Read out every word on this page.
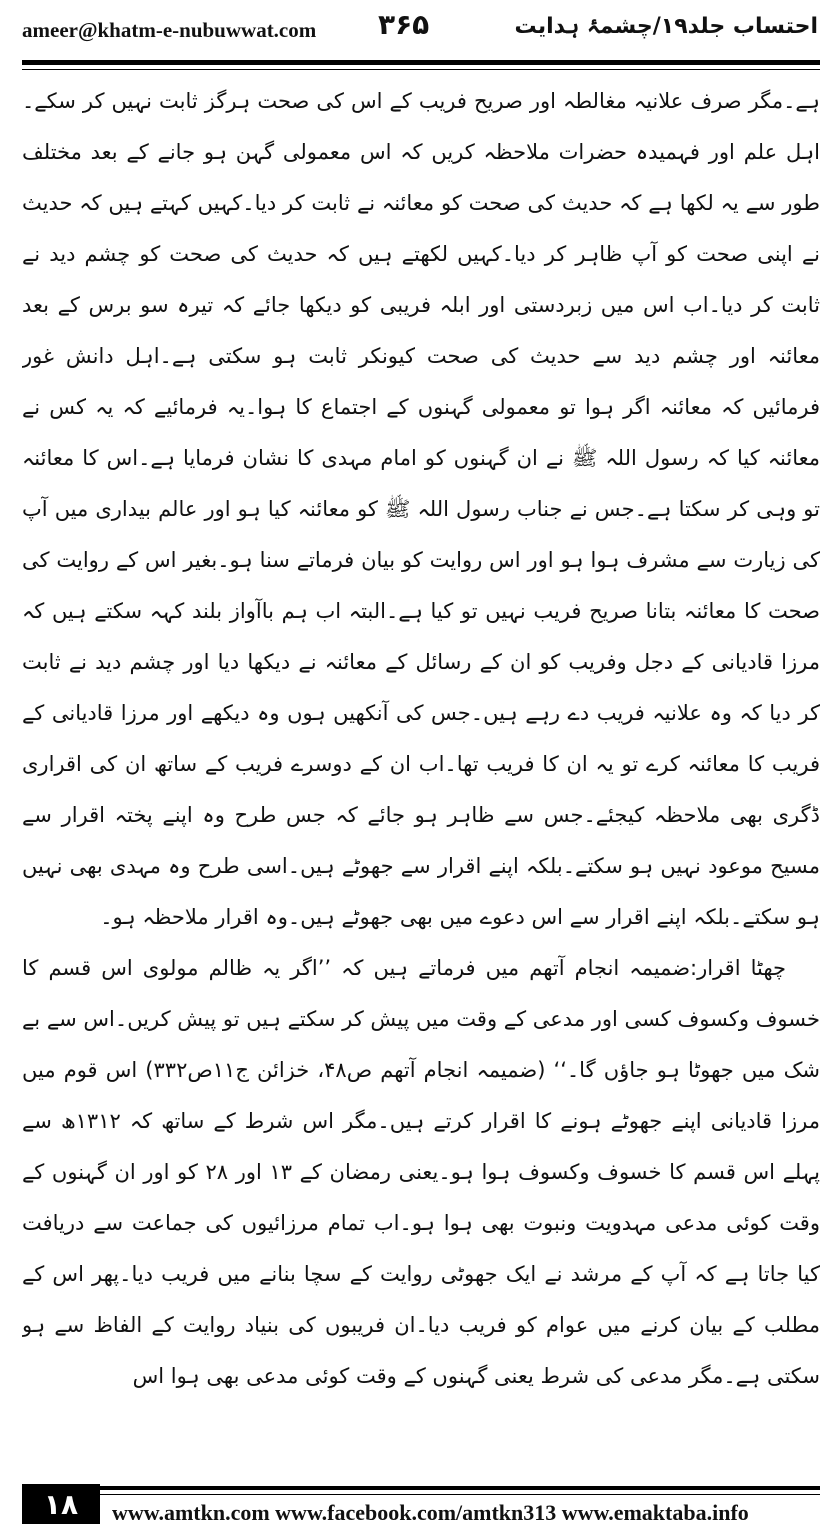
ameer@khatm-e-nubuwwat.com ۳۶۵	احتساب جلد۱۹/چشمۂ ہدایت

ہے۔مگر صرف علانیہ مغالطہ اور صریح فریب کے اس کی صحت ہرگز ثابت نہیں کر سکے۔اہل علم اور فہمیدہ حضرات ملاحظہ کریں کہ اس معمولی گہن ہو جانے کے بعد مختلف طور سے یہ لکھا ہے کہ حدیث کی صحت کو معائنہ نے ثابت کر دیا۔کہیں کہتے ہیں کہ حدیث نے اپنی صحت کو آپ ظاہر کر دیا۔کہیں لکھتے ہیں کہ حدیث کی صحت کو چشم دید نے ثابت کر دیا۔اب اس میں زبردستی اور ابلہ فریبی کو دیکھا جائے کہ تیرہ سو برس کے بعد معائنہ اور چشم دید سے حدیث کی صحت کیونکر ثابت ہو سکتی ہے۔اہل دانش غور فرمائیں کہ معائنہ اگر ہوا تو معمولی گہنوں کے اجتماع کا ہوا۔یہ فرمائیے کہ یہ کس نے معائنہ کیا کہ رسول اللہ ﷺ نے ان گہنوں کو امام مہدی کا نشان فرمایا ہے۔اس کا معائنہ تو وہی کر سکتا ہے۔جس نے جناب رسول اللہ ﷺ کو معائنہ کیا ہو اور عالم بیداری میں آپ کی زیارت سے مشرف ہوا ہو اور اس روایت کو بیان فرماتے سنا ہو۔بغیر اس کے روایت کی صحت کا معائنہ بتانا صریح فریب نہیں تو کیا ہے۔البتہ اب ہم باآواز بلند کہہ سکتے ہیں کہ مرزا قادیانی کے دجل وفریب کو ان کے رسائل کے معائنہ نے دیکھا دیا اور چشم دید نے ثابت کر دیا کہ وہ علانیہ فریب دے رہے ہیں۔جس کی آنکھیں ہوں وہ دیکھے اور مرزا قادیانی کے فریب کا معائنہ کرے تو یہ ان کا فریب تھا۔اب ان کے دوسرے فریب کے ساتھ ان کی اقراری ڈگری بھی ملاحظہ کیجئے۔جس سے ظاہر ہو جائے کہ جس طرح وہ اپنے پختہ اقرار سے مسیح موعود نہیں ہو سکتے۔بلکہ اپنے اقرار سے جھوٹے ہیں۔اسی طرح وہ مہدی بھی نہیں ہو سکتے۔بلکہ اپنے اقرار سے اس دعوے میں بھی جھوٹے ہیں۔وہ اقرار ملاحظہ ہو۔

چھٹا اقرار:ضمیمہ انجام آتھم میں فرماتے ہیں کہ ’’اگر یہ ظالم مولوی اس قسم کا خسوف وکسوف کسی اور مدعی کے وقت میں پیش کر سکتے ہیں تو پیش کریں۔اس سے بے شک میں جھوٹا ہو جاؤں گا۔‘‘ (ضمیمہ انجام آتھم ص۴۸، خزائن ج۱۱ص۳۳۲) اس قوم میں مرزا قادیانی اپنے جھوٹے ہونے کا اقرار کرتے ہیں۔مگر اس شرط کے ساتھ کہ ۱۳۱۲ھ سے پہلے اس قسم کا خسوف وکسوف ہوا ہو۔یعنی رمضان کے ۱۳ اور ۲۸ کو اور ان گہنوں کے وقت کوئی مدعی مہدویت ونبوت بھی ہوا ہو۔اب تمام مرزائیوں کی جماعت سے دریافت کیا جاتا ہے کہ آپ کے مرشد نے ایک جھوٹی روایت کے سچا بنانے میں فریب دیا۔پھر اس کے مطلب کے بیان کرنے میں عوام کو فریب دیا۔ان فریبوں کی بنیاد روایت کے الفاظ سے ہو سکتی ہے۔مگر مدعی کی شرط یعنی گہنوں کے وقت کوئی مدعی بھی ہوا اس

۱۸	www.amtkn.com www.facebook.com/amtkn313 www.emaktaba.info
